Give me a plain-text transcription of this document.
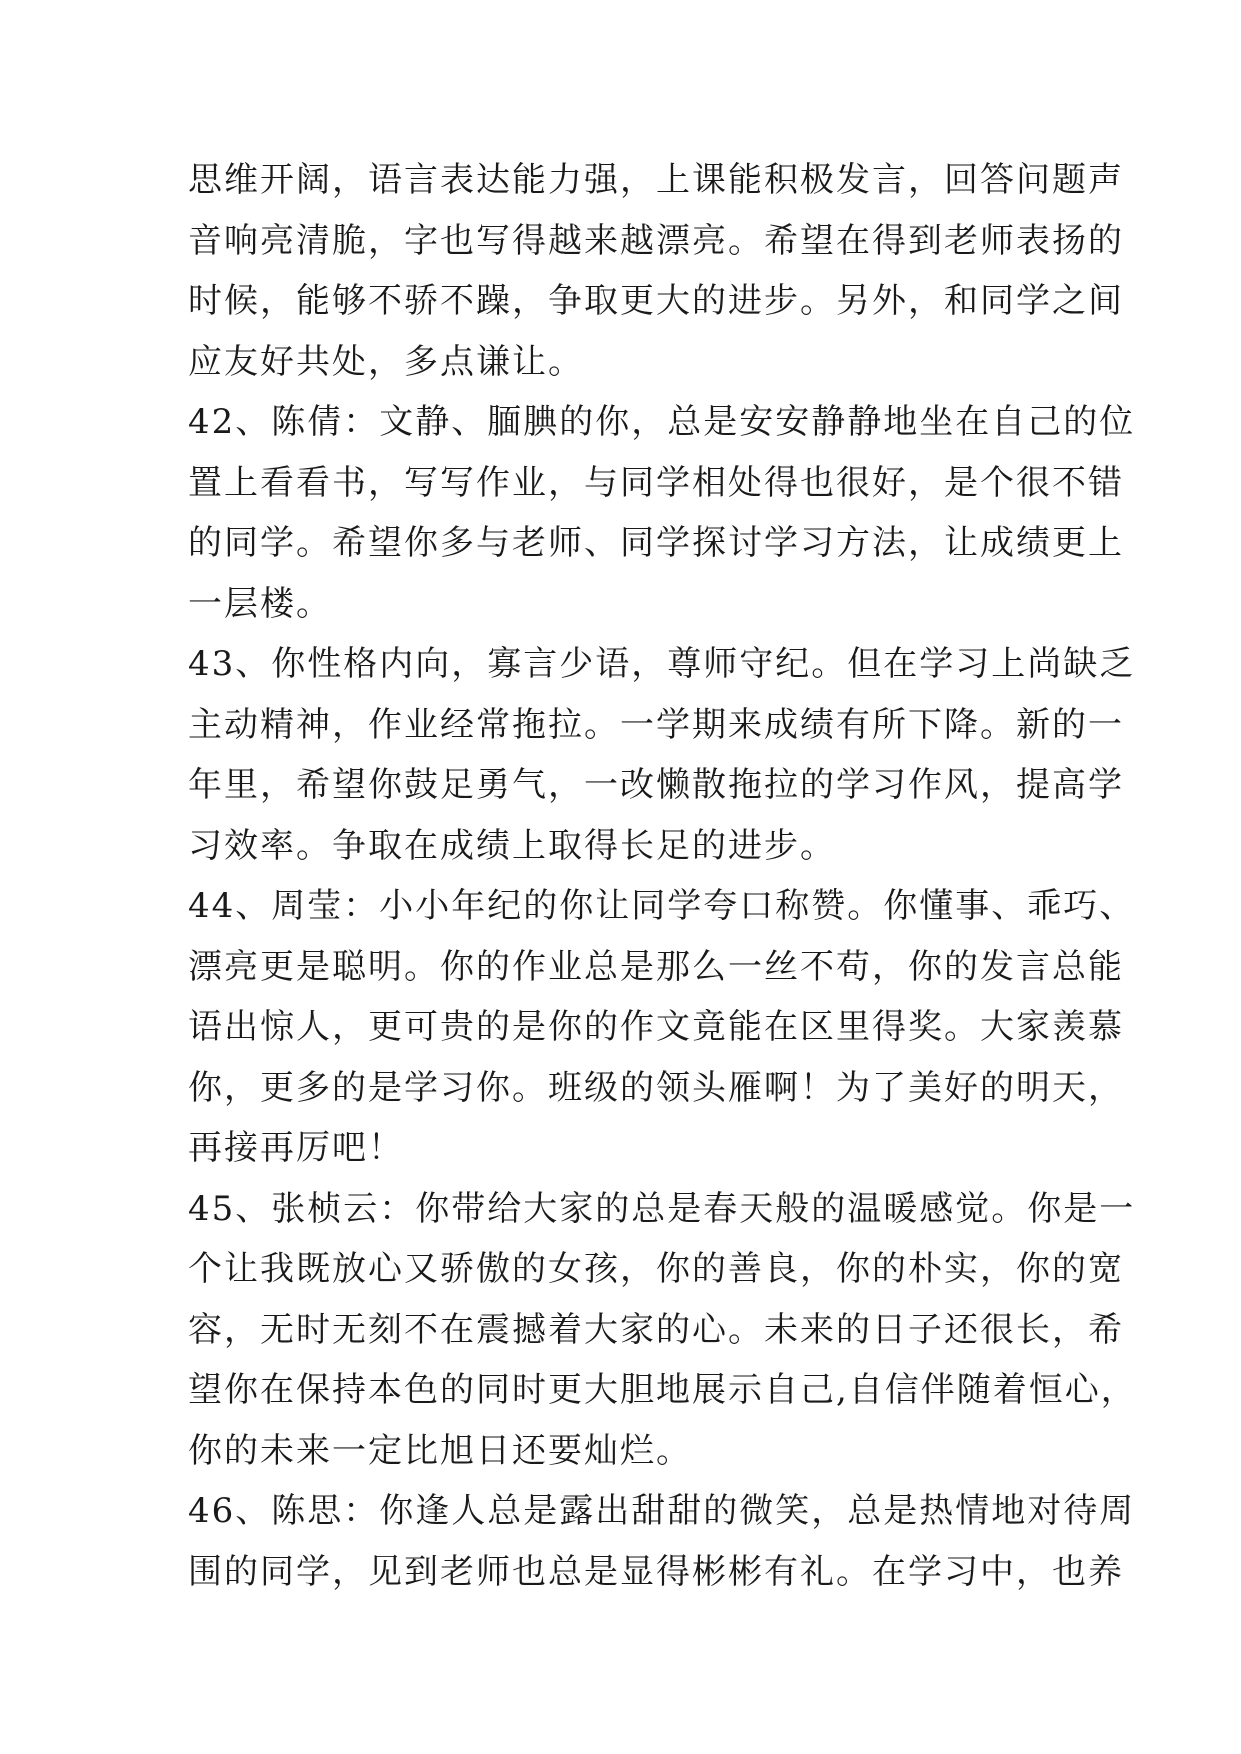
思维开阔，语言表达能力强，上课能积极发言，回答问题声
音响亮清脆，字也写得越来越漂亮。希望在得到老师表扬的
时候，能够不骄不躁，争取更大的进步。另外，和同学之间
应友好共处，多点谦让。
42、陈倩：文静、腼腆的你，总是安安静静地坐在自己的位
置上看看书，写写作业，与同学相处得也很好，是个很不错
的同学。希望你多与老师、同学探讨学习方法，让成绩更上
一层楼。
43、你性格内向，寡言少语，尊师守纪。但在学习上尚缺乏
主动精神，作业经常拖拉。一学期来成绩有所下降。新的一
年里，希望你鼓足勇气，一改懒散拖拉的学习作风，提高学
习效率。争取在成绩上取得长足的进步。
44、周莹：小小年纪的你让同学夸口称赞。你懂事、乖巧、
漂亮更是聪明。你的作业总是那么一丝不苟，你的发言总能
语出惊人，更可贵的是你的作文竟能在区里得奖。大家羡慕
你，更多的是学习你。班级的领头雁啊！为了美好的明天，
再接再厉吧！
45、张桢云：你带给大家的总是春天般的温暖感觉。你是一
个让我既放心又骄傲的女孩，你的善良，你的朴实，你的宽
容，无时无刻不在震撼着大家的心。未来的日子还很长，希
望你在保持本色的同时更大胆地展示自己,自信伴随着恒心，
你的未来一定比旭日还要灿烂。
46、陈思：你逢人总是露出甜甜的微笑，总是热情地对待周
围的同学，见到老师也总是显得彬彬有礼。在学习中，也养
